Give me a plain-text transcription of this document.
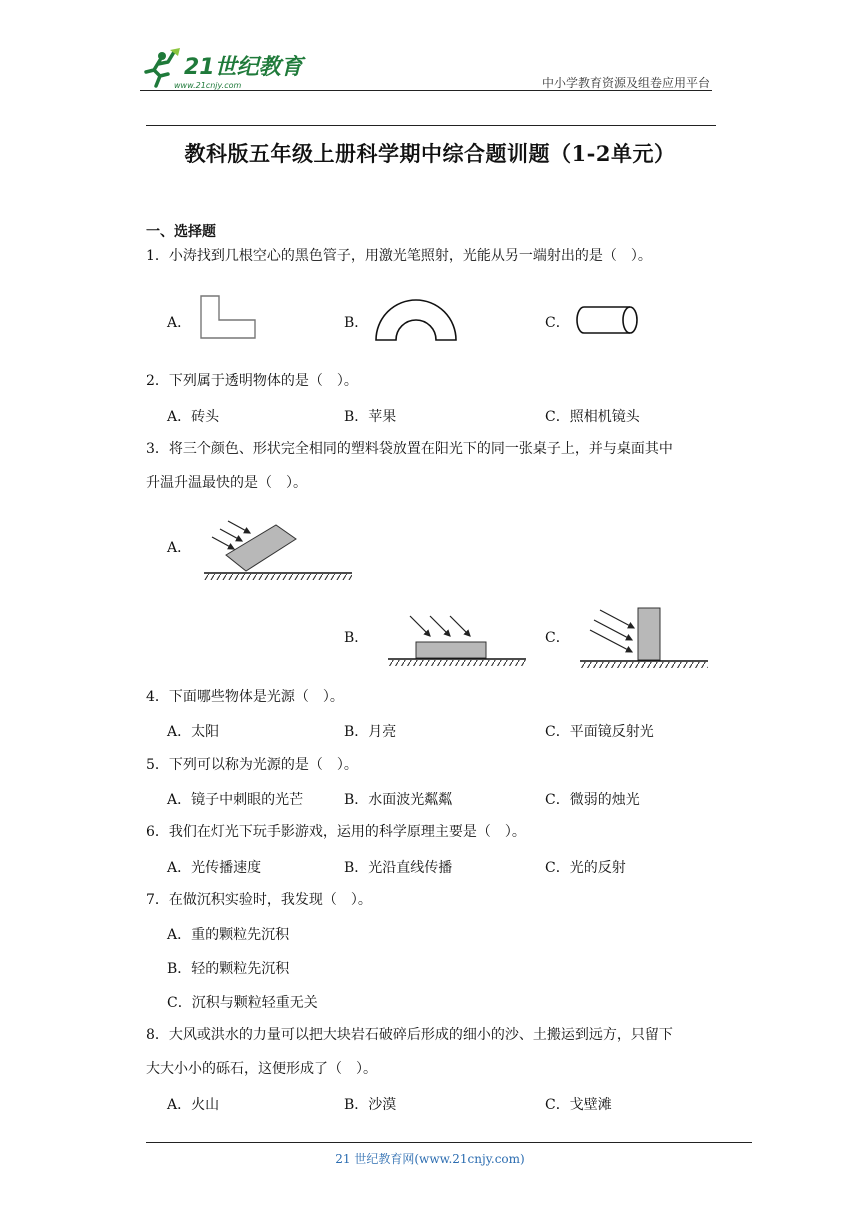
21世纪教育
www.21cnjy.com	中小学教育资源及组卷应用平台
教科版五年级上册科学期中综合题训题（1-2单元）
一、选择题
1．小涛找到几根空心的黑色管子，用激光笔照射，光能从另一端射出的是（　）。
A．	B．	C．
2．下列属于透明物体的是（　）。
A．砖头	B．苹果	C．照相机镜头
3．将三个颜色、形状完全相同的塑料袋放置在阳光下的同一张桌子上，并与桌面其中
升温升温最快的是（　）。
A．
B．	C．
4．下面哪些物体是光源（　）。
A．太阳	B．月亮	C．平面镜反射光
5．下列可以称为光源的是（　）。
A．镜子中刺眼的光芒	B．水面波光粼粼	C．微弱的烛光
6．我们在灯光下玩手影游戏，运用的科学原理主要是（　）。
A．光传播速度	B．光沿直线传播	C．光的反射
7．在做沉积实验时，我发现（　）。
A．重的颗粒先沉积
B．轻的颗粒先沉积
C．沉积与颗粒轻重无关
8．大风或洪水的力量可以把大块岩石破碎后形成的细小的沙、土搬运到远方，只留下
大大小小的砾石，这便形成了（　）。
A．火山	B．沙漠	C．戈壁滩
21 世纪教育网(www.21cnjy.com)
